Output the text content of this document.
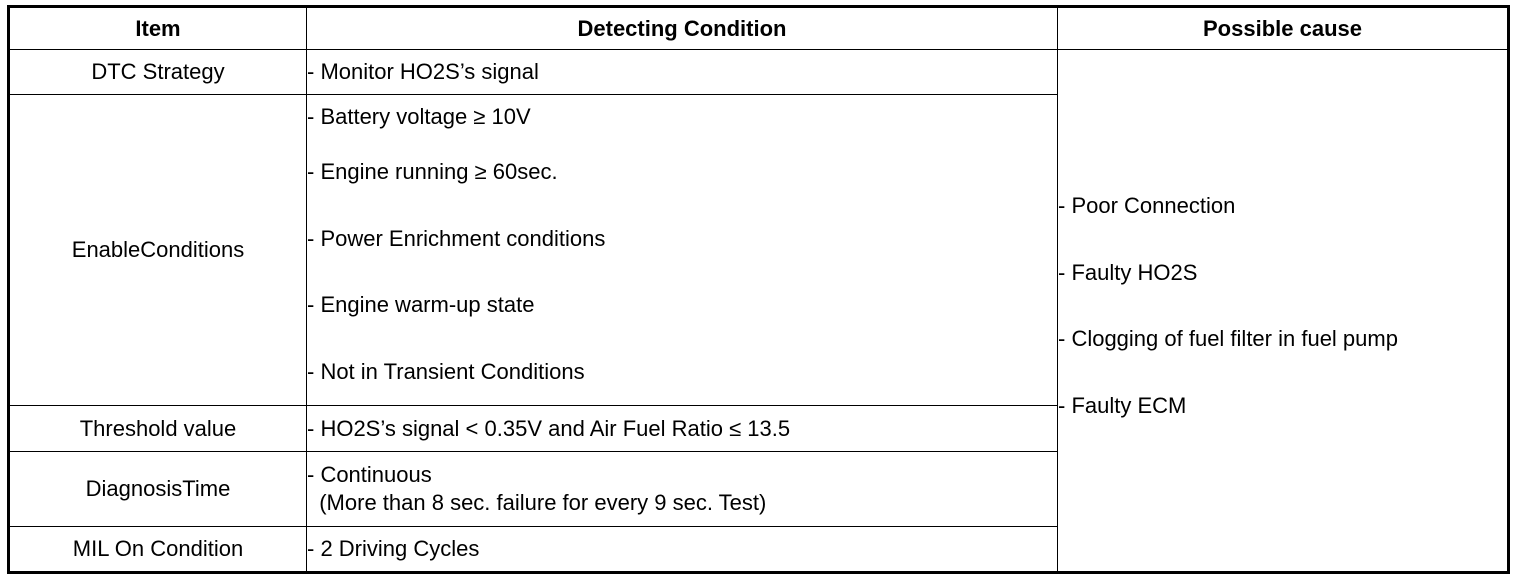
Item	Detecting Condition	Possible cause
DTC Strategy	- Monitor HO2S’s signal	- Poor Connection
- Faulty HO2S
- Clogging of fuel filter in fuel pump
- Faulty ECM

EnableConditions	- Battery voltage ≥ 10V
- Engine running ≥ 60sec.
- Power Enrichment conditions
- Engine warm-up state
- Not in Transient Conditions	

Threshold value	- HO2S’s signal < 0.35V and Air Fuel Ratio ≤ 13.5	

DiagnosisTime	- Continuous
(More than 8 sec. failure for every 9 sec. Test)	

MIL On Condition	- 2 Driving Cycles	
